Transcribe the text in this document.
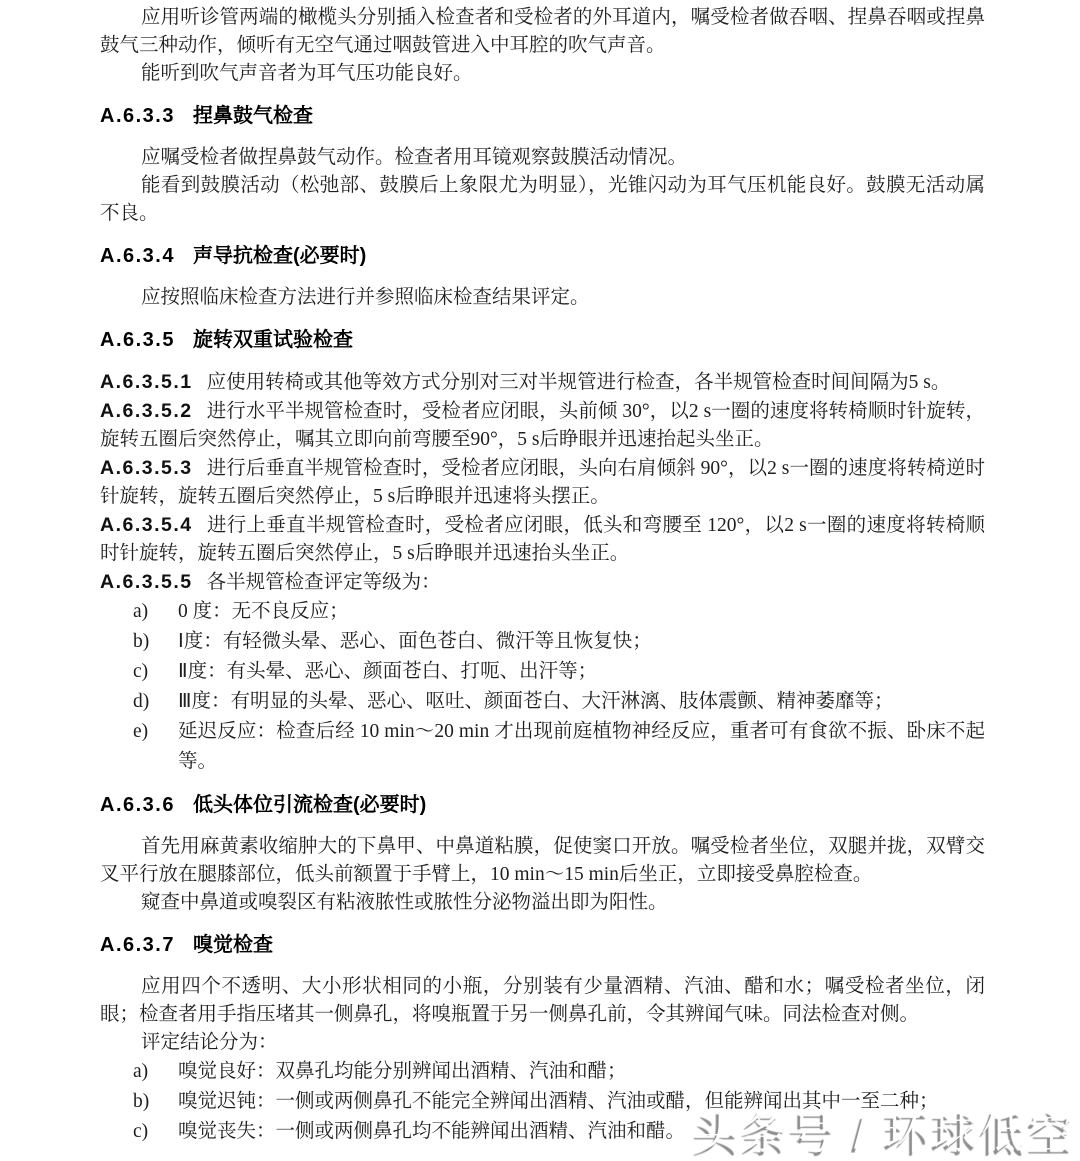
应用听诊管两端的橄榄头分别插入检查者和受检者的外耳道内，嘱受检者做吞咽、捏鼻吞咽或捏鼻鼓气三种动作，倾听有无空气通过咽鼓管进入中耳腔的吹气声音。

能听到吹气声音者为耳气压功能良好。

A.6.3.3 捏鼻鼓气检查

应嘱受检者做捏鼻鼓气动作。检查者用耳镜观察鼓膜活动情况。

能看到鼓膜活动（松弛部、鼓膜后上象限尤为明显），光锥闪动为耳气压机能良好。鼓膜无活动属不良。

A.6.3.4 声导抗检查(必要时)

应按照临床检查方法进行并参照临床检查结果评定。

A.6.3.5 旋转双重试验检查

A.6.3.5.1 应使用转椅或其他等效方式分别对三对半规管进行检查，各半规管检查时间间隔为5 s。

A.6.3.5.2 进行水平半规管检查时，受检者应闭眼，头前倾 30°，以2 s一圈的速度将转椅顺时针旋转，旋转五圈后突然停止，嘱其立即向前弯腰至90°，5 s后睁眼并迅速抬起头坐正。

A.6.3.5.3 进行后垂直半规管检查时，受检者应闭眼，头向右肩倾斜 90°，以2 s一圈的速度将转椅逆时针旋转，旋转五圈后突然停止，5 s后睁眼并迅速将头摆正。

A.6.3.5.4 进行上垂直半规管检查时，受检者应闭眼，低头和弯腰至 120°，以2 s一圈的速度将转椅顺时针旋转，旋转五圈后突然停止，5 s后睁眼并迅速抬头坐正。

A.6.3.5.5 各半规管检查评定等级为：

a) 0 度：无不良反应；
b) Ⅰ度：有轻微头晕、恶心、面色苍白、微汗等且恢复快；
c) Ⅱ度：有头晕、恶心、颜面苍白、打呃、出汗等；
d) Ⅲ度：有明显的头晕、恶心、呕吐、颜面苍白、大汗淋漓、肢体震颤、精神萎靡等；
e) 延迟反应：检查后经 10 min～20 min 才出现前庭植物神经反应，重者可有食欲不振、卧床不起等。
A.6.3.6 低头体位引流检查(必要时)

首先用麻黄素收缩肿大的下鼻甲、中鼻道粘膜，促使窦口开放。嘱受检者坐位，双腿并拢，双臂交叉平行放在腿膝部位，低头前额置于手臂上，10 min～15 min后坐正，立即接受鼻腔检查。

窥查中鼻道或嗅裂区有粘液脓性或脓性分泌物溢出即为阳性。

A.6.3.7 嗅觉检查

应用四个不透明、大小形状相同的小瓶，分别装有少量酒精、汽油、醋和水；嘱受检者坐位，闭眼；检查者用手指压堵其一侧鼻孔，将嗅瓶置于另一侧鼻孔前，令其辨闻气味。同法检查对侧。

评定结论分为：

a) 嗅觉良好：双鼻孔均能分别辨闻出酒精、汽油和醋；
b) 嗅觉迟钝：一侧或两侧鼻孔不能完全辨闻出酒精、汽油或醋，但能辨闻出其中一至二种；
c) 嗅觉丧失：一侧或两侧鼻孔均不能辨闻出酒精、汽油和醋。 头条号 / 环球低空
